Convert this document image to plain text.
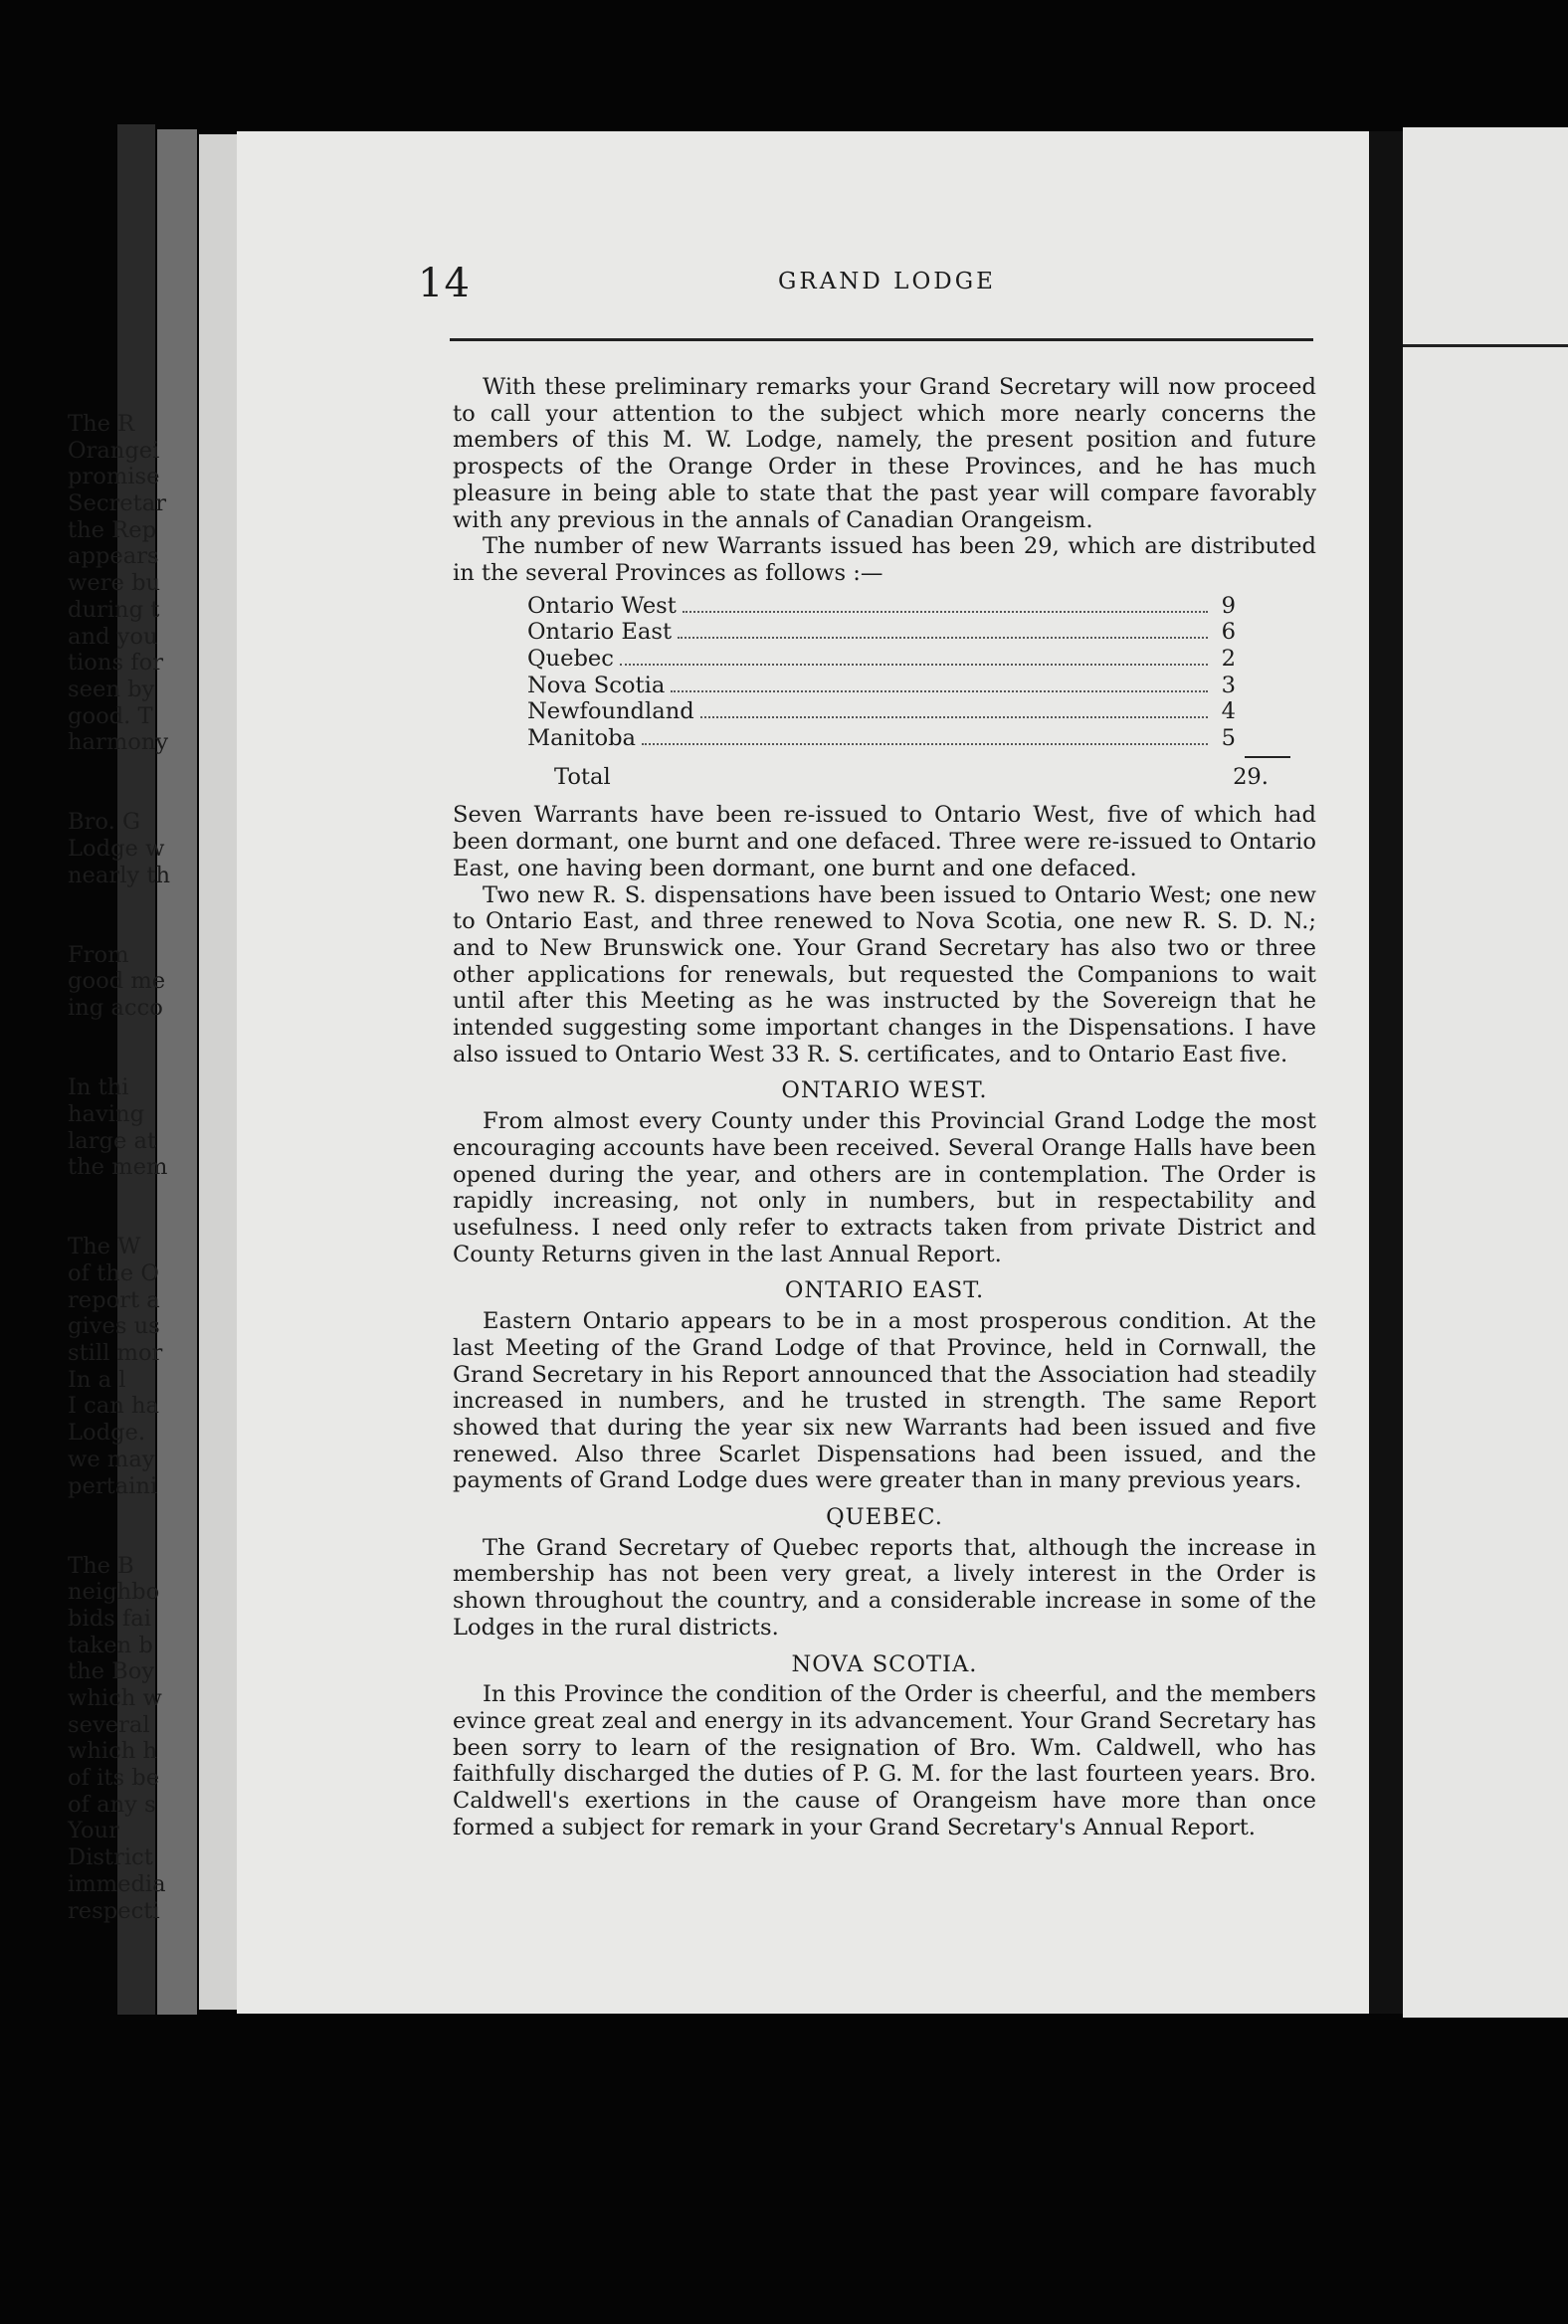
14	GRAND LODGE

With these preliminary remarks your Grand Secretary will now proceed to call your attention to the subject which more nearly concerns the members of this M. W. Lodge, namely, the present position and future prospects of the Orange Order in these Provinces, and he has much pleasure in being able to state that the past year will compare favorably with any previous in the annals of Canadian Orangeism.

The number of new Warrants issued has been 29, which are distributed in the several Provinces as follows :—

Ontario West	9
Ontario East	6
Quebec	2
Nova Scotia	3
Newfoundland	4
Manitoba	5
Total	29.

Seven Warrants have been re-issued to Ontario West, five of which had been dormant, one burnt and one defaced. Three were re-issued to Ontario East, one having been dormant, one burnt and one defaced.

Two new R. S. dispensations have been issued to Ontario West; one new to Ontario East, and three renewed to Nova Scotia, one new R. S. D. N.; and to New Brunswick one. Your Grand Secretary has also two or three other applications for renewals, but requested the Companions to wait until after this Meeting as he was instructed by the Sovereign that he intended suggesting some important changes in the Dispensations. I have also issued to Ontario West 33 R. S. certificates, and to Ontario East five.

ONTARIO WEST.

From almost every County under this Provincial Grand Lodge the most encouraging accounts have been received. Several Orange Halls have been opened during the year, and others are in contemplation. The Order is rapidly increasing, not only in numbers, but in respectability and usefulness. I need only refer to extracts taken from private District and County Returns given in the last Annual Report.

ONTARIO EAST.

Eastern Ontario appears to be in a most prosperous condition. At the last Meeting of the Grand Lodge of that Province, held in Cornwall, the Grand Secretary in his Report announced that the Association had steadily increased in numbers, and he trusted in strength. The same Report showed that during the year six new Warrants had been issued and five renewed. Also three Scarlet Dispensations had been issued, and the payments of Grand Lodge dues were greater than in many previous years.

QUEBEC.

The Grand Secretary of Quebec reports that, although the increase in membership has not been very great, a lively interest in the Order is shown throughout the country, and a considerable increase in some of the Lodges in the rural districts.

NOVA SCOTIA.

In this Province the condition of the Order is cheerful, and the members evince great zeal and energy in its advancement. Your Grand Secretary has been sorry to learn of the resignation of Bro. Wm. Caldwell, who has faithfully discharged the duties of P. G. M. for the last fourteen years. Bro. Caldwell's exertions in the cause of Orangeism have more than once formed a subject for remark in your Grand Secretary's Annual Report.

The R
Orangei
promise
Secretar
the Rep
appears
were bu
during t
and you
tions for
seen by
good. T
harmony
Bro. G
Lodge w
nearly th
From
good me
ing acco
In thi
having
large at
the mem
The W
of the O
report a
gives us
still mor
In a l
I can ha
Lodge.
we may
pertaini
The B
neighbo
bids fai
taken b
the Boy
which w
several
which h
of its be
of any s
Your
District
immedia
respecti
